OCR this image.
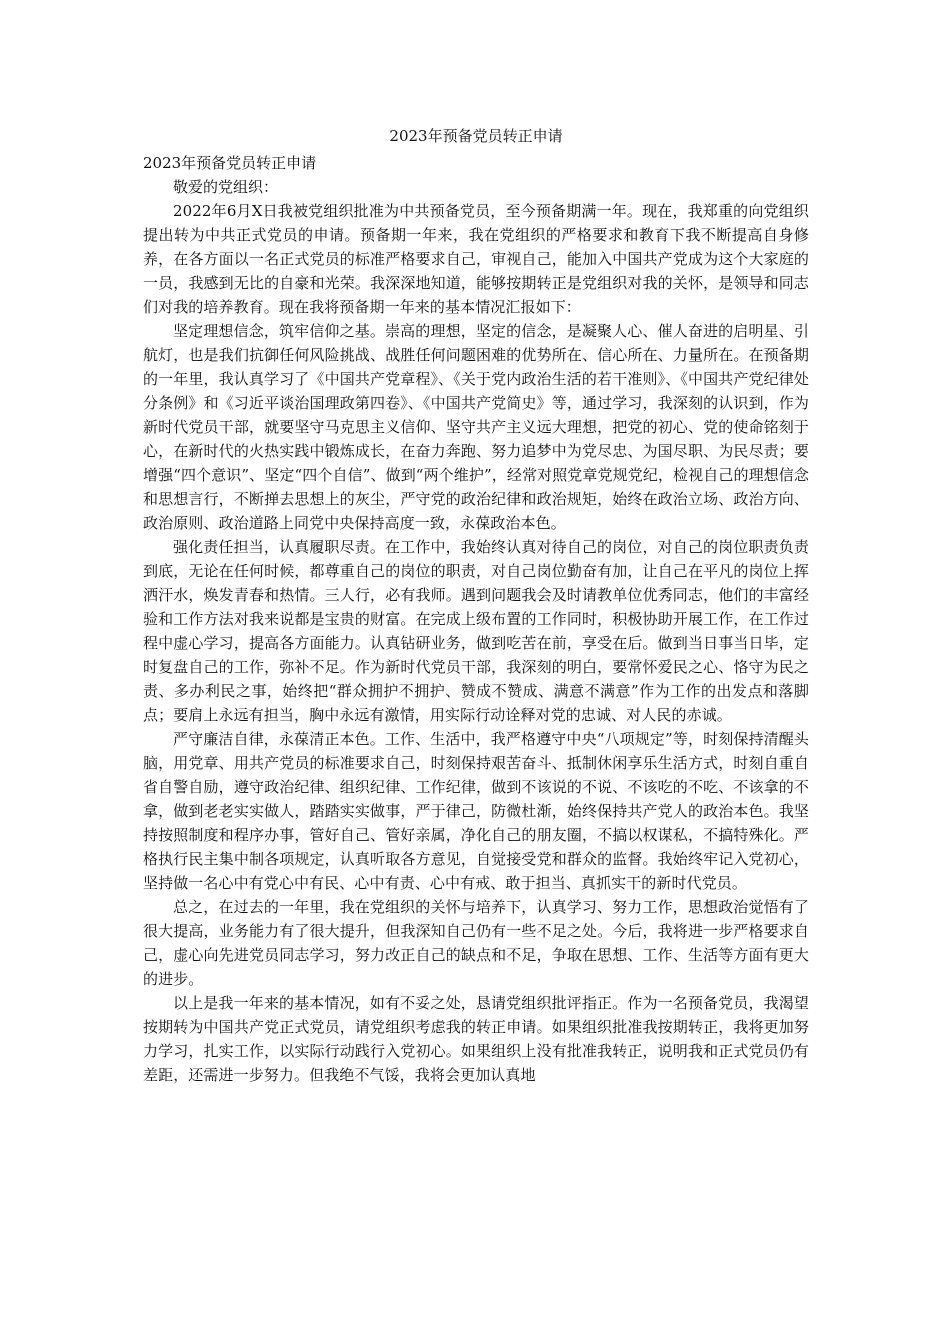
2023年预备党员转正申请

2023年预备党员转正申请

敬爱的党组织：

2022年6月X日我被党组织批准为中共预备党员，至今预备期满一年。现在，我郑重的向党组织提出转为中共正式党员的申请。预备期一年来，我在党组织的严格要求和教育下我不断提高自身修养，在各方面以一名正式党员的标准严格要求自己，审视自己，能加入中国共产党成为这个大家庭的一员，我感到无比的自豪和光荣。我深深地知道，能够按期转正是党组织对我的关怀，是领导和同志们对我的培养教育。现在我将预备期一年来的基本情况汇报如下：

坚定理想信念，筑牢信仰之基。崇高的理想，坚定的信念，是凝聚人心、催人奋进的启明星、引航灯，也是我们抗御任何风险挑战、战胜任何问题困难的优势所在、信心所在、力量所在。在预备期的一年里，我认真学习了《中国共产党章程》、《关于党内政治生活的若干准则》、《中国共产党纪律处分条例》和《习近平谈治国理政第四卷》、《中国共产党简史》等，通过学习，我深刻的认识到，作为新时代党员干部，就要坚守马克思主义信仰、坚守共产主义远大理想，把党的初心、党的使命铭刻于心，在新时代的火热实践中锻炼成长，在奋力奔跑、努力追梦中为党尽忠、为国尽职、为民尽责；要增强“四个意识”、坚定“四个自信”、做到“两个维护”，经常对照党章党规党纪，检视自己的理想信念和思想言行，不断掸去思想上的灰尘，严守党的政治纪律和政治规矩，始终在政治立场、政治方向、政治原则、政治道路上同党中央保持高度一致，永葆政治本色。

强化责任担当，认真履职尽责。在工作中，我始终认真对待自己的岗位，对自己的岗位职责负责到底，无论在任何时候，都尊重自己的岗位的职责，对自己岗位勤奋有加，让自己在平凡的岗位上挥洒汗水，焕发青春和热情。三人行，必有我师。遇到问题我会及时请教单位优秀同志，他们的丰富经验和工作方法对我来说都是宝贵的财富。在完成上级布置的工作同时，积极协助开展工作，在工作过程中虚心学习，提高各方面能力。认真钻研业务，做到吃苦在前，享受在后。做到当日事当日毕，定时复盘自己的工作，弥补不足。作为新时代党员干部，我深刻的明白，要常怀爱民之心、恪守为民之责、多办利民之事，始终把“群众拥护不拥护、赞成不赞成、满意不满意”作为工作的出发点和落脚点；要肩上永远有担当，胸中永远有激情，用实际行动诠释对党的忠诚、对人民的赤诚。

严守廉洁自律，永葆清正本色。工作、生活中，我严格遵守中央“八项规定”等，时刻保持清醒头脑，用党章、用共产党员的标准要求自己，时刻保持艰苦奋斗、抵制休闲享乐生活方式，时刻自重自省自警自励，遵守政治纪律、组织纪律、工作纪律，做到不该说的不说、不该吃的不吃、不该拿的不拿，做到老老实实做人，踏踏实实做事，严于律己，防微杜渐，始终保持共产党人的政治本色。我坚持按照制度和程序办事，管好自己、管好亲属，净化自己的朋友圈，不搞以权谋私，不搞特殊化。严格执行民主集中制各项规定，认真听取各方意见，自觉接受党和群众的监督。我始终牢记入党初心，坚持做一名心中有党心中有民、心中有责、心中有戒、敢于担当、真抓实干的新时代党员。

总之，在过去的一年里，我在党组织的关怀与培养下，认真学习、努力工作，思想政治觉悟有了很大提高，业务能力有了很大提升，但我深知自己仍有一些不足之处。今后，我将进一步严格要求自己，虚心向先进党员同志学习，努力改正自己的缺点和不足，争取在思想、工作、生活等方面有更大的进步。

以上是我一年来的基本情况，如有不妥之处，恳请党组织批评指正。作为一名预备党员，我渴望按期转为中国共产党正式党员，请党组织考虑我的转正申请。如果组织批准我按期转正，我将更加努力学习，扎实工作，以实际行动践行入党初心。如果组织上没有批准我转正，说明我和正式党员仍有差距，还需进一步努力。但我绝不气馁，我将会更加认真地
